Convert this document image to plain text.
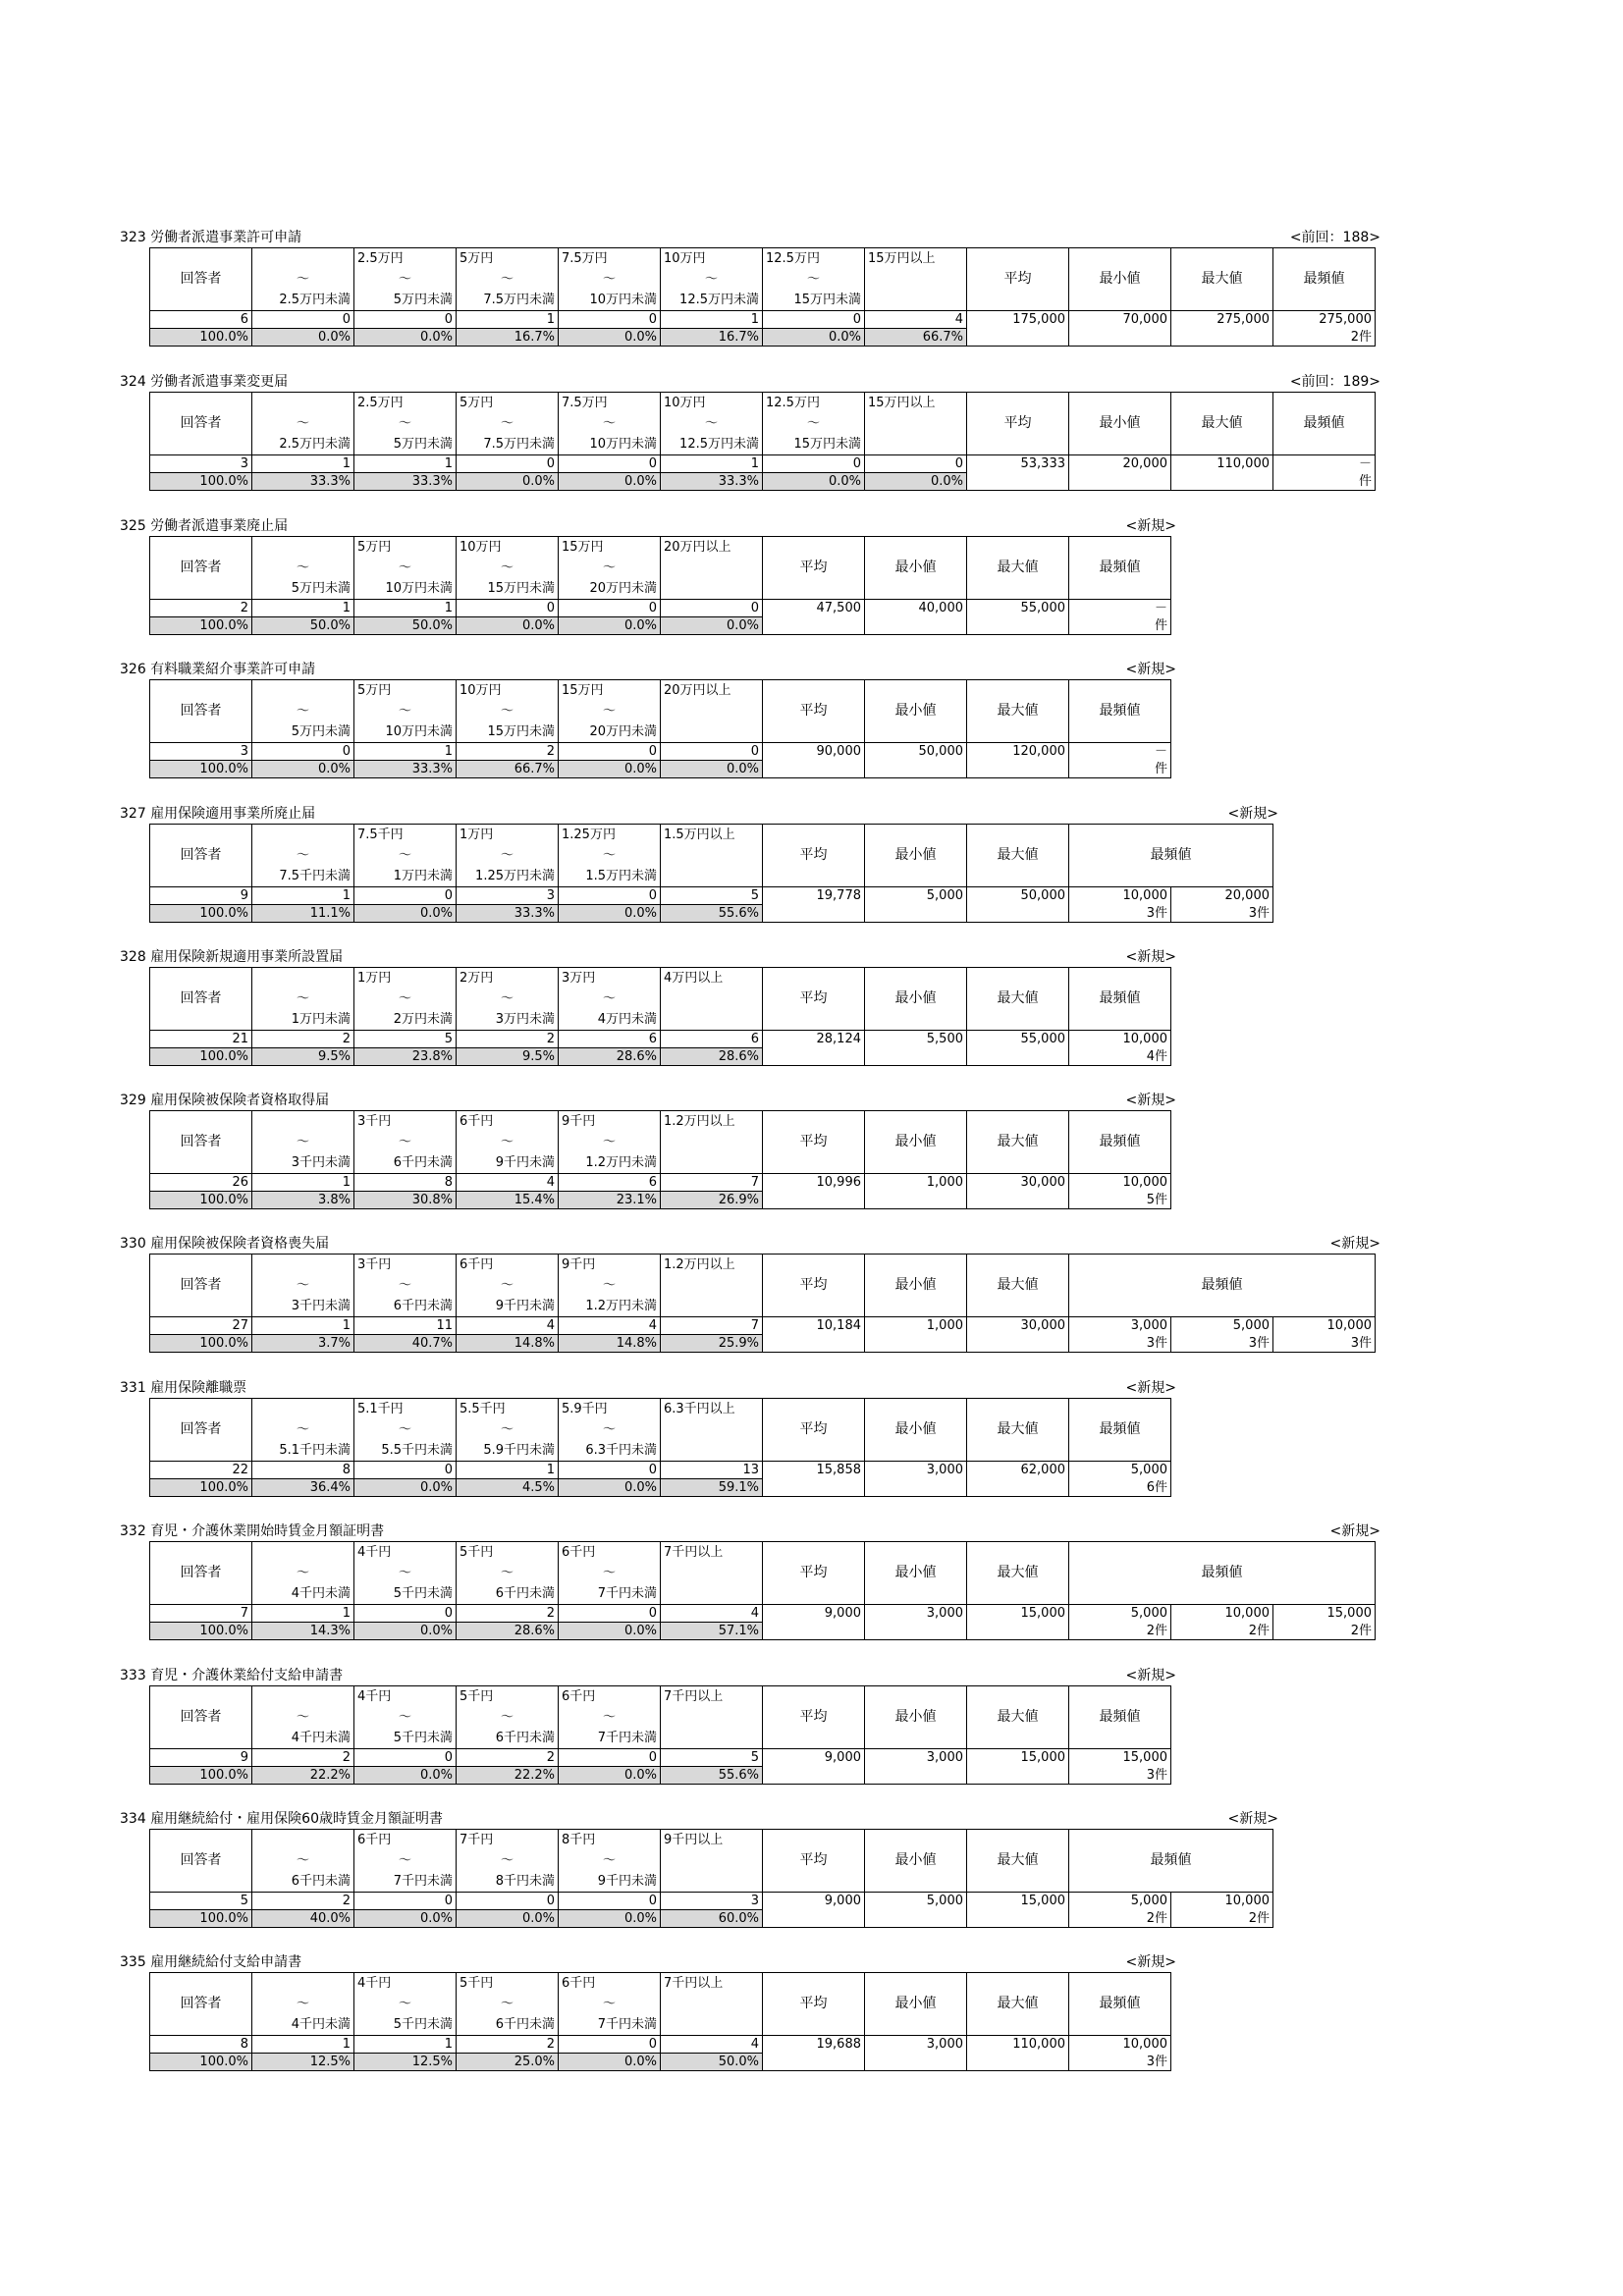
323 労働者派遣事業許可申請	<前回：188>
回答者		2.5万円	5万円	7.5万円	10万円	12.5万円	15万円以上	平均	最小値	最大値	最頻値
	～	～	～	～	～	～					
	2.5万円未満	5万円未満	7.5万円未満	10万円未満	12.5万円未満	15万円未満					
6	0	0	1	0	1	0	4	175,000	70,000	275,000	275,000
100.0%	0.0%	0.0%	16.7%	0.0%	16.7%	0.0%	66.7%				2件
324 労働者派遣事業変更届	<前回：189>
回答者		2.5万円	5万円	7.5万円	10万円	12.5万円	15万円以上	平均	最小値	最大値	最頻値
	～	～	～	～	～	～					
	2.5万円未満	5万円未満	7.5万円未満	10万円未満	12.5万円未満	15万円未満					
3	1	1	0	0	1	0	0	53,333	20,000	110,000	－
100.0%	33.3%	33.3%	0.0%	0.0%	33.3%	0.0%	0.0%				件
325 労働者派遣事業廃止届	<新規>
回答者		5万円	10万円	15万円	20万円以上	平均	最小値	最大値	最頻値
	～	～	～	～					
	5万円未満	10万円未満	15万円未満	20万円未満					
2	1	1	0	0	0	47,500	40,000	55,000	－
100.0%	50.0%	50.0%	0.0%	0.0%	0.0%				件
326 有料職業紹介事業許可申請	<新規>
回答者		5万円	10万円	15万円	20万円以上	平均	最小値	最大値	最頻値
	～	～	～	～					
	5万円未満	10万円未満	15万円未満	20万円未満					
3	0	1	2	0	0	90,000	50,000	120,000	－
100.0%	0.0%	33.3%	66.7%	0.0%	0.0%				件
327 雇用保険適用事業所廃止届	<新規>
回答者		7.5千円	1万円	1.25万円	1.5万円以上	平均	最小値	最大値	最頻値	
	～	～	～	～						
	7.5千円未満	1万円未満	1.25万円未満	1.5万円未満						
9	1	0	3	0	5	19,778	5,000	50,000	10,000	20,000
100.0%	11.1%	0.0%	33.3%	0.0%	55.6%				3件	3件
328 雇用保険新規適用事業所設置届	<新規>
回答者		1万円	2万円	3万円	4万円以上	平均	最小値	最大値	最頻値
	～	～	～	～					
	1万円未満	2万円未満	3万円未満	4万円未満					
21	2	5	2	6	6	28,124	5,500	55,000	10,000
100.0%	9.5%	23.8%	9.5%	28.6%	28.6%				4件
329 雇用保険被保険者資格取得届	<新規>
回答者		3千円	6千円	9千円	1.2万円以上	平均	最小値	最大値	最頻値
	～	～	～	～					
	3千円未満	6千円未満	9千円未満	1.2万円未満					
26	1	8	4	6	7	10,996	1,000	30,000	10,000
100.0%	3.8%	30.8%	15.4%	23.1%	26.9%				5件
330 雇用保険被保険者資格喪失届	<新規>
回答者		3千円	6千円	9千円	1.2万円以上	平均	最小値	最大値	最頻値		
	～	～	～	～							
	3千円未満	6千円未満	9千円未満	1.2万円未満							
27	1	11	4	4	7	10,184	1,000	30,000	3,000	5,000	10,000
100.0%	3.7%	40.7%	14.8%	14.8%	25.9%				3件	3件	3件
331 雇用保険離職票	<新規>
回答者		5.1千円	5.5千円	5.9千円	6.3千円以上	平均	最小値	最大値	最頻値
	～	～	～	～					
	5.1千円未満	5.5千円未満	5.9千円未満	6.3千円未満					
22	8	0	1	0	13	15,858	3,000	62,000	5,000
100.0%	36.4%	0.0%	4.5%	0.0%	59.1%				6件
332 育児・介護休業開始時賃金月額証明書	<新規>
回答者		4千円	5千円	6千円	7千円以上	平均	最小値	最大値	最頻値		
	～	～	～	～							
	4千円未満	5千円未満	6千円未満	7千円未満							
7	1	0	2	0	4	9,000	3,000	15,000	5,000	10,000	15,000
100.0%	14.3%	0.0%	28.6%	0.0%	57.1%				2件	2件	2件
333 育児・介護休業給付支給申請書	<新規>
回答者		4千円	5千円	6千円	7千円以上	平均	最小値	最大値	最頻値
	～	～	～	～					
	4千円未満	5千円未満	6千円未満	7千円未満					
9	2	0	2	0	5	9,000	3,000	15,000	15,000
100.0%	22.2%	0.0%	22.2%	0.0%	55.6%				3件
334 雇用継続給付・雇用保険60歳時賃金月額証明書	<新規>
回答者		6千円	7千円	8千円	9千円以上	平均	最小値	最大値	最頻値	
	～	～	～	～						
	6千円未満	7千円未満	8千円未満	9千円未満						
5	2	0	0	0	3	9,000	5,000	15,000	5,000	10,000
100.0%	40.0%	0.0%	0.0%	0.0%	60.0%				2件	2件
335 雇用継続給付支給申請書	<新規>
回答者		4千円	5千円	6千円	7千円以上	平均	最小値	最大値	最頻値
	～	～	～	～					
	4千円未満	5千円未満	6千円未満	7千円未満					
8	1	1	2	0	4	19,688	3,000	110,000	10,000
100.0%	12.5%	12.5%	25.0%	0.0%	50.0%				3件
